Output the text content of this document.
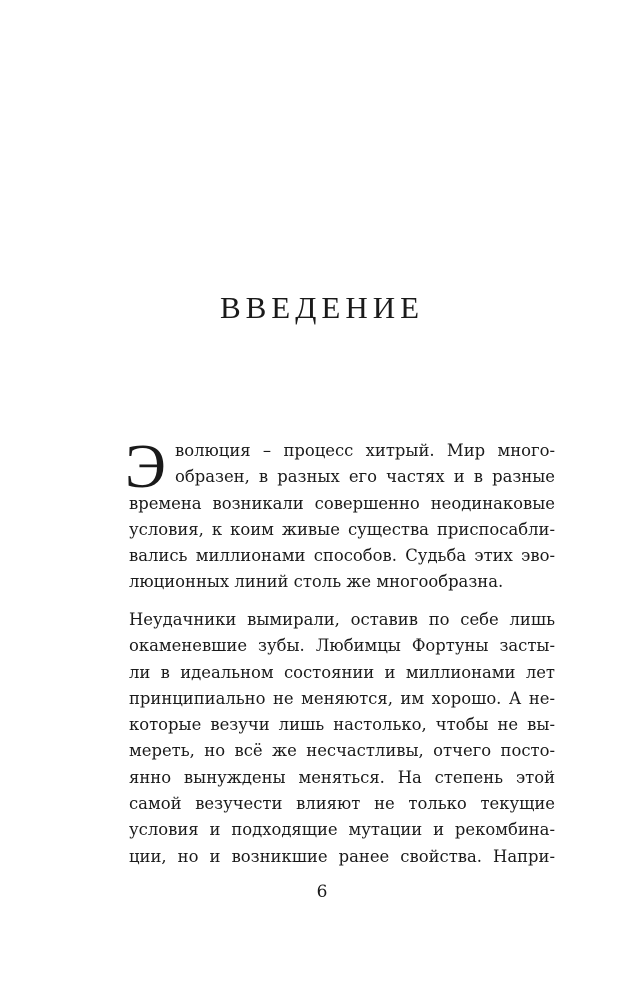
ВВЕДЕНИЕ
Э волюция – процесс хитрый. Мир много-
образен, в разных его частях и в разные
времена возникали совершенно неодинаковые
условия, к коим живые существа приспосабли-
вались миллионами способов. Судьба этих эво-
люционных линий столь же многообразна.
Неудачники вымирали, оставив по себе лишь
окаменевшие зубы. Любимцы Фортуны засты-
ли в идеальном состоянии и миллионами лет
принципиально не меняются, им хорошо. А не-
которые везучи лишь настолько, чтобы не вы-
мереть, но всё же несчастливы, отчего посто-
янно вынуждены меняться. На степень этой
самой везучести влияют не только текущие
условия и подходящие мутации и рекомбина-
ции, но и возникшие ранее свойства. Напри-

6
